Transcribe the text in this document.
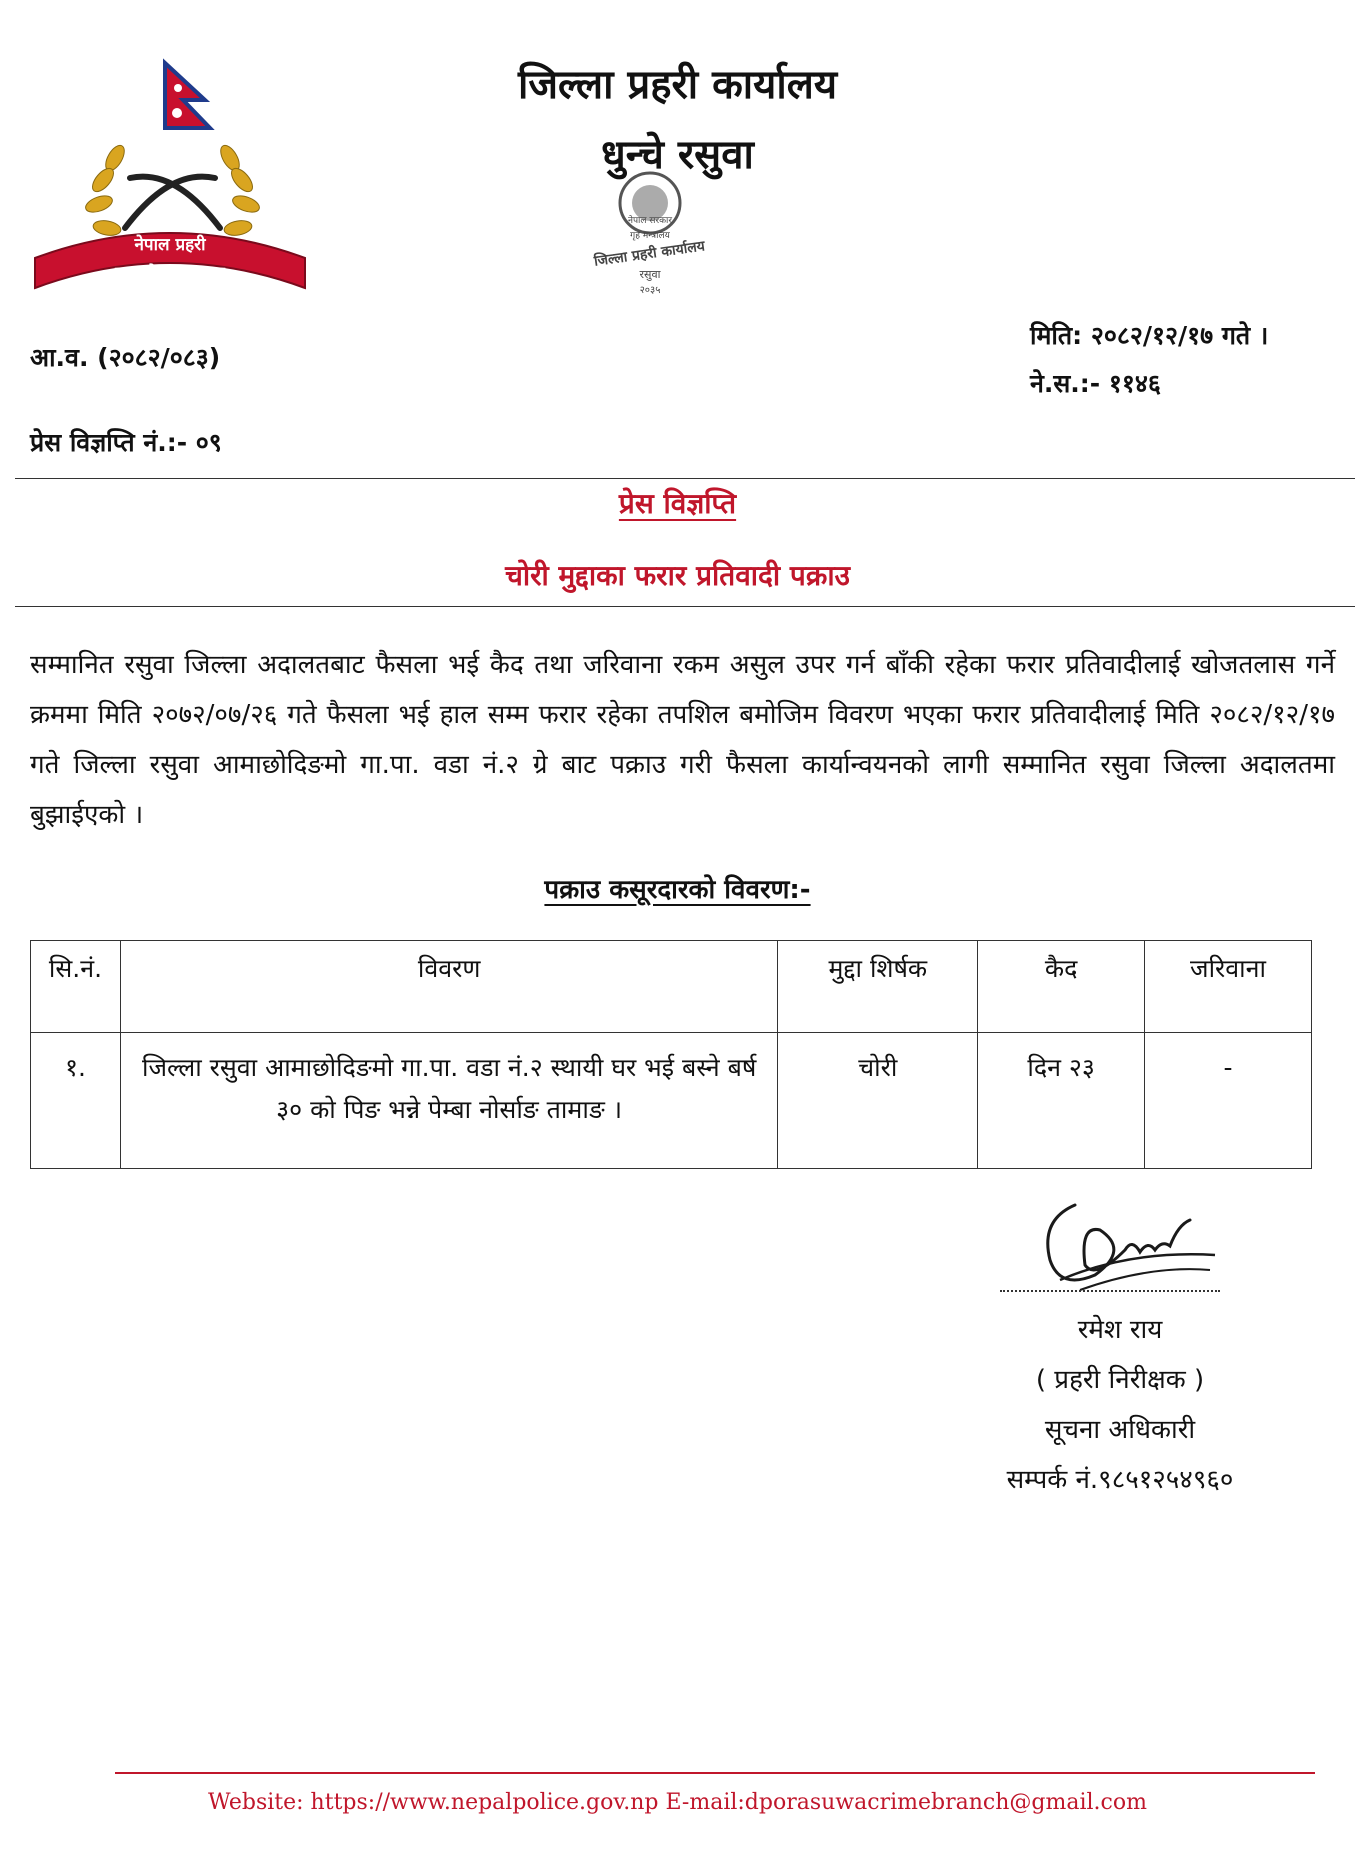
नेपाल प्रहरी
सत्य सेवा सुरक्षणम्
जिल्ला प्रहरी कार्यालय
धुन्चे रसुवा
नेपाल सरकार
गृह मन्त्रालय
जिल्ला प्रहरी कार्यालय
रसुवा
२०३५
आ.व. (२०८२/०८३)
प्रेस विज्ञप्ति नं.:- ०९
मिति: २०८२/१२/१७ गते ।
ने.स.:- ११४६
प्रेस विज्ञप्ति
चोरी मुद्दाका फरार प्रतिवादी पक्राउ
सम्मानित रसुवा जिल्ला अदालतबाट फैसला भई कैद तथा जरिवाना रकम असुल उपर गर्न बाँकी रहेका फरार प्रतिवादीलाई खोजतलास गर्ने क्रममा मिति २०७२/०७/२६ गते फैसला भई हाल सम्म फरार रहेका तपशिल बमोजिम विवरण भएका फरार प्रतिवादीलाई मिति २०८२/१२/१७ गते जिल्ला रसुवा आमाछोदिङमो गा.पा. वडा नं.२ ग्रे बाट पक्राउ गरी फैसला कार्यान्वयनको लागी सम्मानित रसुवा जिल्ला अदालतमा बुझाईएको ।
पक्राउ कसूरदारको विवरण:-
सि.नं.	विवरण	मुद्दा शिर्षक	कैद	जरिवाना
१.	जिल्ला रसुवा आमाछोदिङमो गा.पा. वडा नं.२ स्थायी घर भई बस्ने बर्ष ३० को पिङ भन्ने पेम्बा नोर्साङ तामाङ ।	चोरी	दिन २३	-
रमेश राय
( प्रहरी निरीक्षक )
सूचना अधिकारी
सम्पर्क नं.९८५१२५४९६०
Website: https://www.nepalpolice.gov.np E-mail:dporasuwacrimebranch@gmail.com
